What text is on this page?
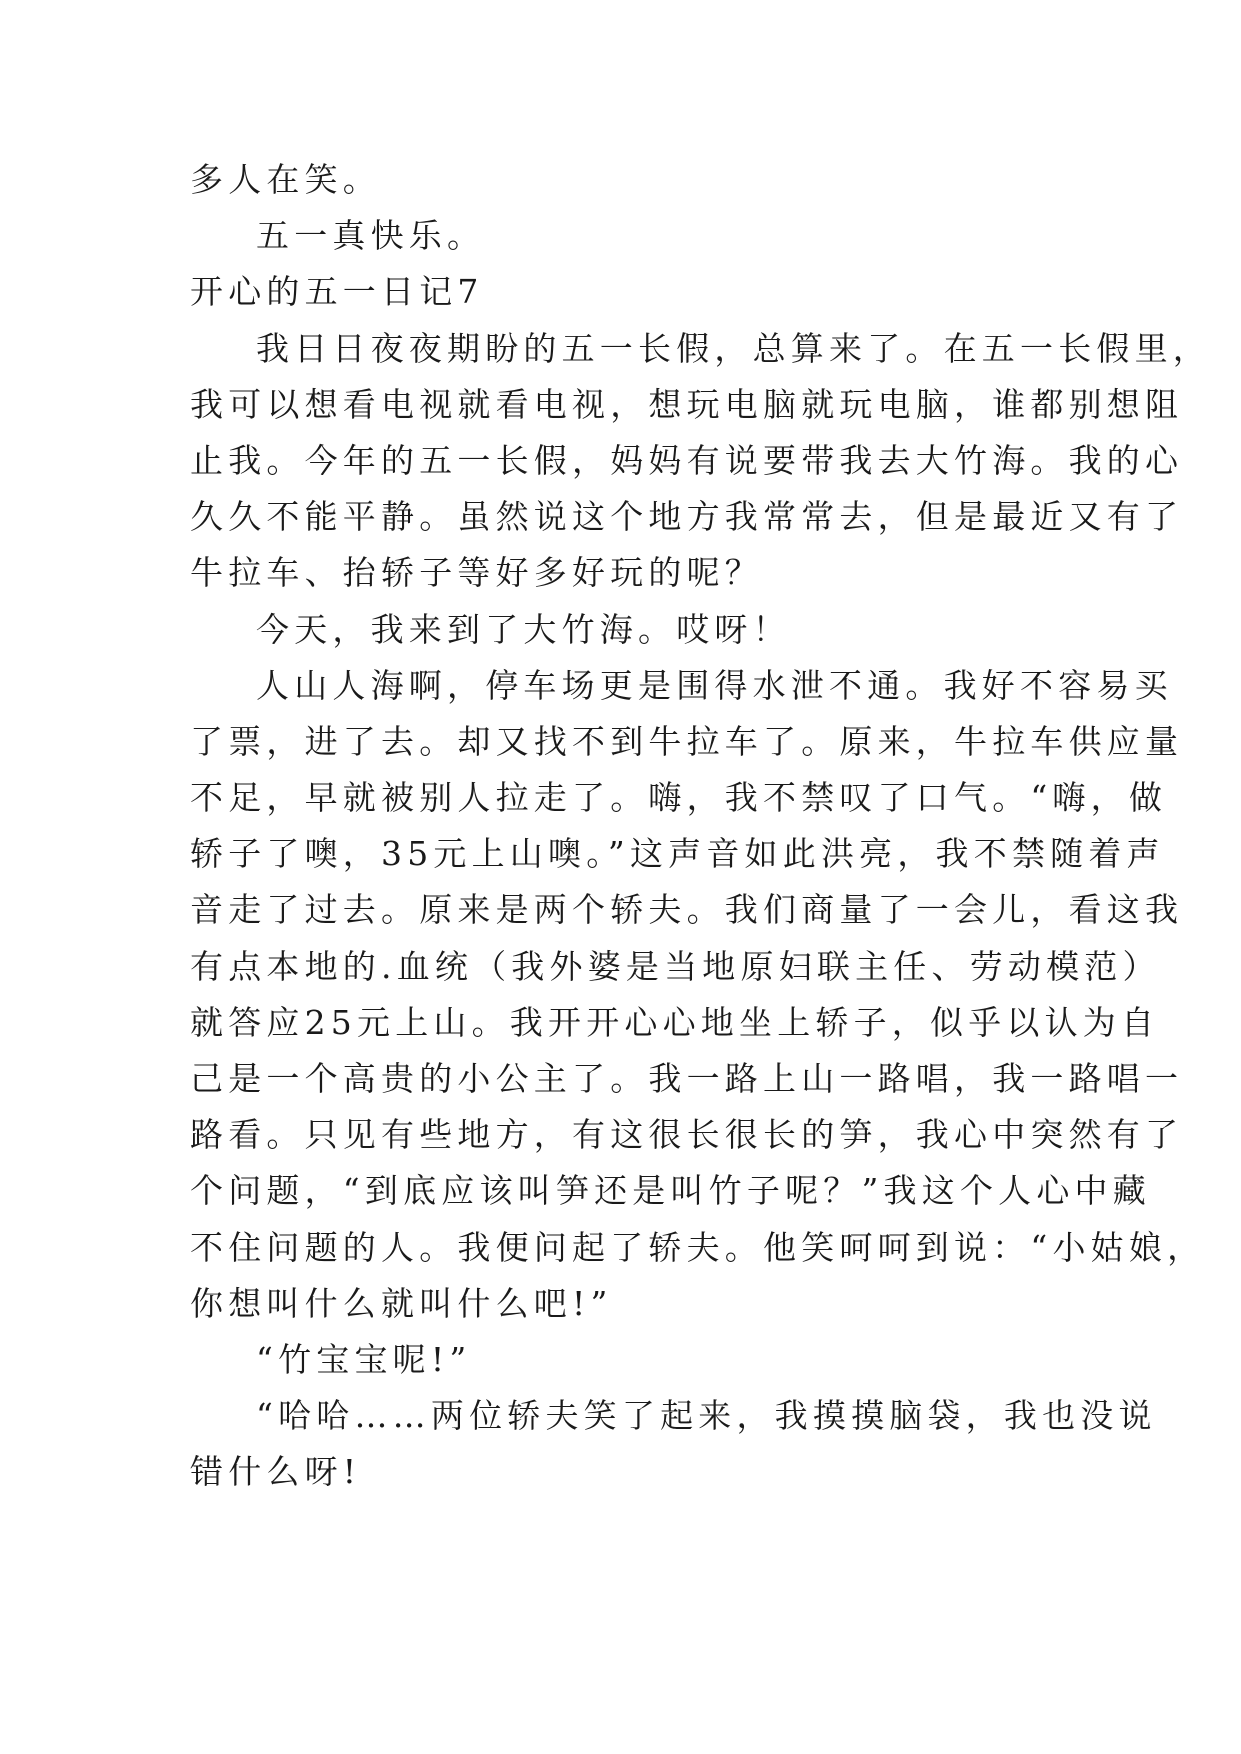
多人在笑。
五一真快乐。
开心的五一日记7
我日日夜夜期盼的五一长假，总算来了。在五一长假里，
我可以想看电视就看电视，想玩电脑就玩电脑，谁都别想阻
止我。今年的五一长假，妈妈有说要带我去大竹海。我的心
久久不能平静。虽然说这个地方我常常去，但是最近又有了
牛拉车、抬轿子等好多好玩的呢？
今天，我来到了大竹海。哎呀！
人山人海啊，停车场更是围得水泄不通。我好不容易买
了票，进了去。却又找不到牛拉车了。原来，牛拉车供应量
不足，早就被别人拉走了。嗨，我不禁叹了口气。“嗨，做
轿子了噢，35元上山噢。”这声音如此洪亮，我不禁随着声
音走了过去。原来是两个轿夫。我们商量了一会儿，看这我
有点本地的.血统（我外婆是当地原妇联主任、劳动模范）
就答应25元上山。我开开心心地坐上轿子，似乎以认为自
己是一个高贵的小公主了。我一路上山一路唱，我一路唱一
路看。只见有些地方，有这很长很长的笋，我心中突然有了
个问题，“到底应该叫笋还是叫竹子呢？”我这个人心中藏
不住问题的人。我便问起了轿夫。他笑呵呵到说：“小姑娘，
你想叫什么就叫什么吧!”
“竹宝宝呢!”
“哈哈……两位轿夫笑了起来，我摸摸脑袋，我也没说
错什么呀!
